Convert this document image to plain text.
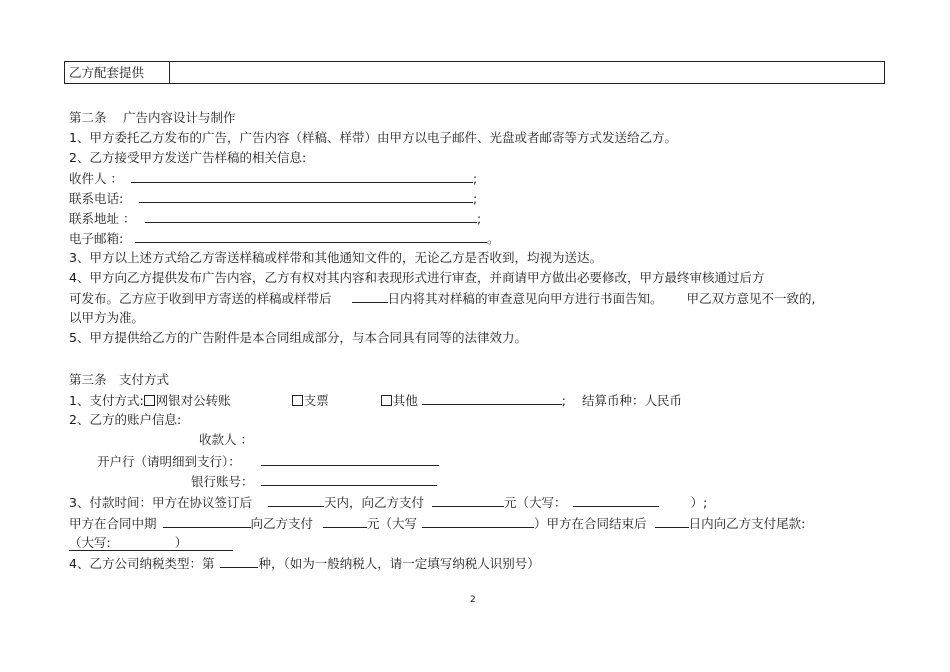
乙方配套提供
第二条　 广告内容设计与制作
1、甲方委托乙方发布的广告，广告内容（样稿、样带）由甲方以电子邮件、光盘或者邮寄等方式发送给乙方。
2、乙方接受甲方发送广告样稿的相关信息:
收件人 ：	;
联系电话:	;
联系地址 ：	;
电子邮箱:	。
3、甲方以上述方式给乙方寄送样稿或样带和其他通知文件的，无论乙方是否收到，均视为送达。
4、甲方向乙方提供发布广告内容，乙方有权对其内容和表现形式进行审查，并商请甲方做出必要修改，甲方最终审核通过后方
可发布。乙方应于收到甲方寄送的样稿或样带后	日内将其对样稿的审查意见向甲方进行书面告知。 甲乙双方意见不一致的,
以甲方为准。
5、甲方提供给乙方的广告附件是本合同组成部分，与本合同具有同等的法律效力。
第三条　支付方式
1、支付方式: 网银对公转账	支票	其他	; 结算币种：人民币
2、乙方的账户信息:
收款人 ：
开户行（请明细到支行）：
银行账号：
3、付款时间：甲方在协议签订后	天内，向乙方支付	元（大写：	）;
甲方在合同中期	向乙方支付	元（大写	）甲方在合同结束后	日内向乙方支付尾款:
（大写:	）
4、乙方公司纳税类型：第	种，（如为一般纳税人，请一定填写纳税人识别号）
2
